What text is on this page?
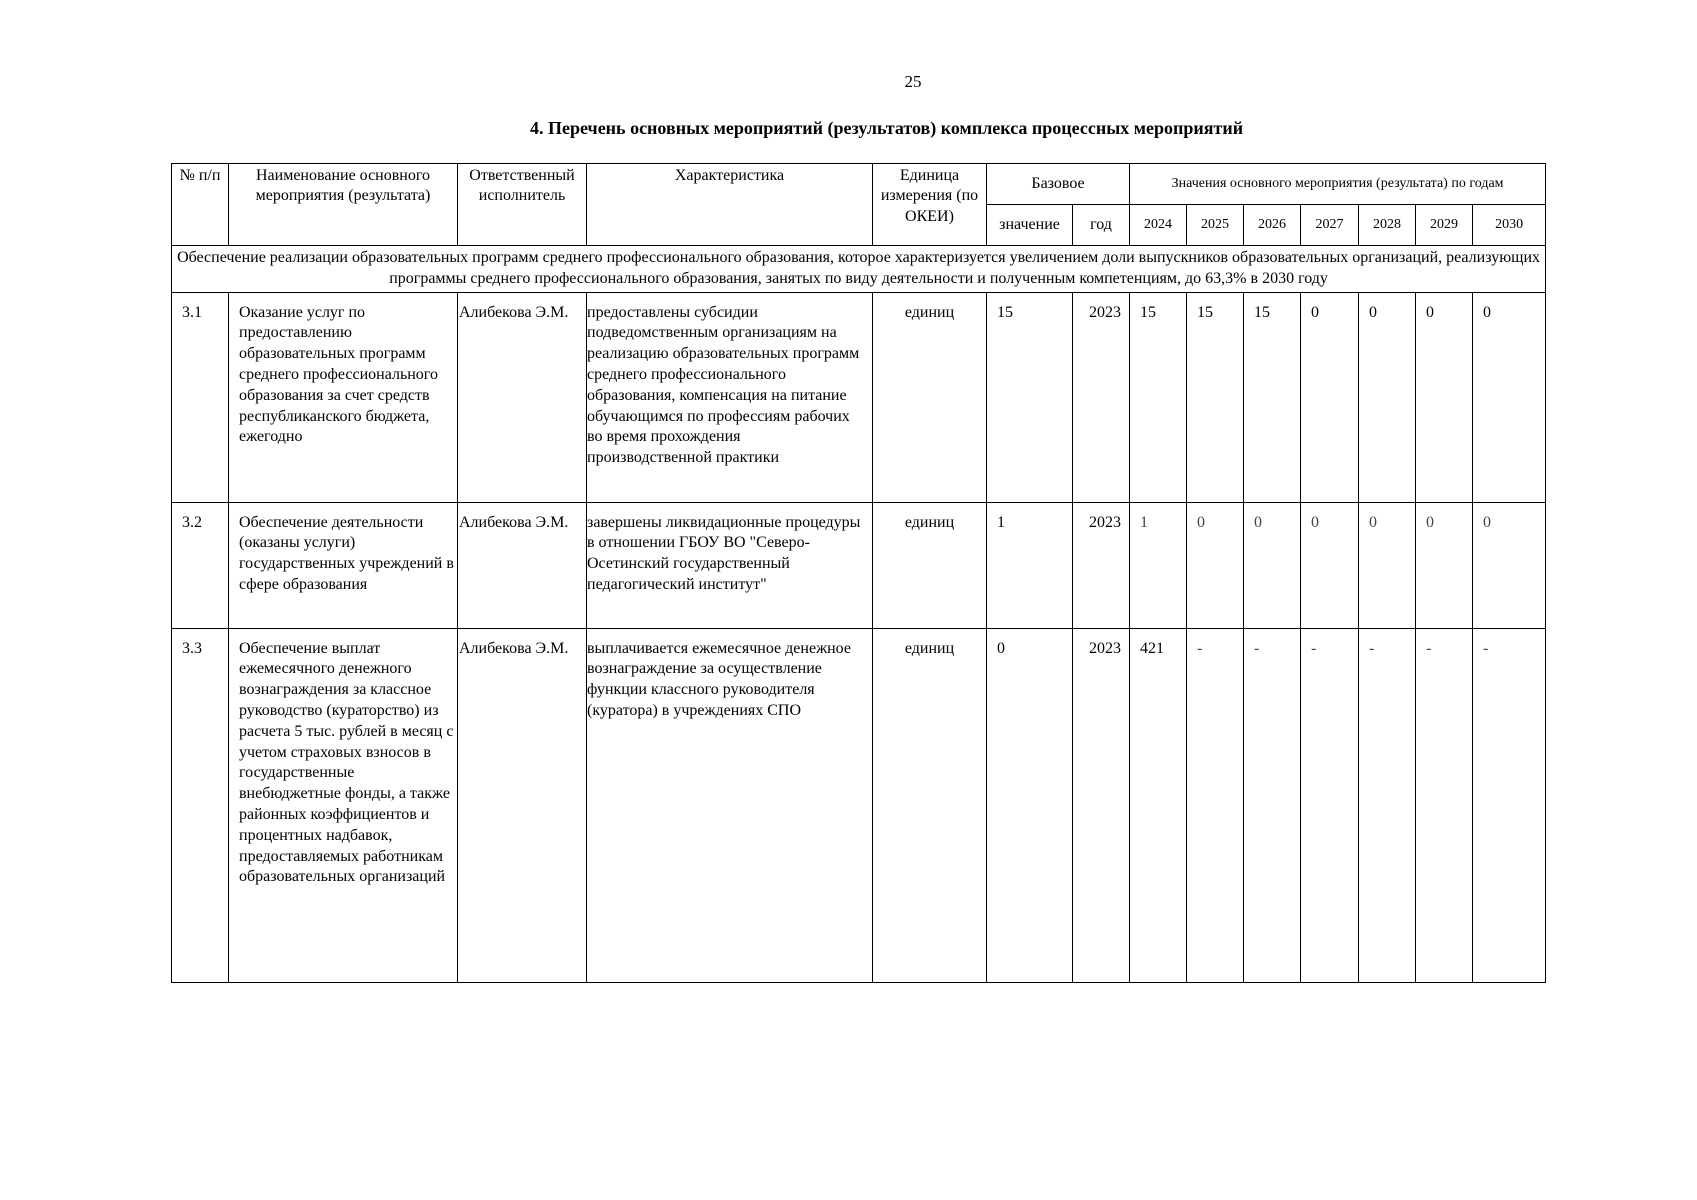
25
4. Перечень основных мероприятий (результатов) комплекса процессных мероприятий
№ п/п	Наименование основного мероприятия (результата)	Ответственный исполнитель	Характеристика	Единица измерения (по ОКЕИ)	Базовое		Значения основного мероприятия (результата) по годам						
					значение	год	2024	2025	2026	2027	2028	2029	2030
Обеспечение реализации образовательных программ среднего профессионального образования, которое характеризуется увеличением доли выпускников образовательных организаций, реализующих программы среднего профессионального образования, занятых по виду деятельности и полученным компетенциям, до 63,3% в 2030 году													
3.1	Оказание услуг по предоставлению образовательных программ среднего профессионального образования за счет средств республиканского бюджета, ежегодно	Алибекова Э.М.	предоставлены субсидии подведомственным организациям на реализацию образовательных программ среднего профессионального образования, компенсация на питание обучающимся по профессиям рабочих во время прохождения производственной практики	единиц	15	2023	15	15	15	0	0	0	0
3.2	Обеспечение деятельности (оказаны услуги) государственных учреждений в сфере образования	Алибекова Э.М.	завершены ликвидационные процедуры в отношении ГБОУ ВО "Северо-Осетинский государственный педагогический институт"	единиц	1	2023	1	0	0	0	0	0	0
3.3	Обеспечение выплат ежемесячного денежного вознаграждения за классное руководство (кураторство) из расчета 5 тыс. рублей в месяц с учетом страховых взносов в государственные внебюджетные фонды, а также районных коэффициентов и процентных надбавок, предоставляемых работникам образовательных организаций	Алибекова Э.М.	выплачивается ежемесячное денежное вознаграждение за осуществление функции классного руководителя (куратора) в учреждениях СПО	единиц	0	2023	421	-	-	-	-	-	-
